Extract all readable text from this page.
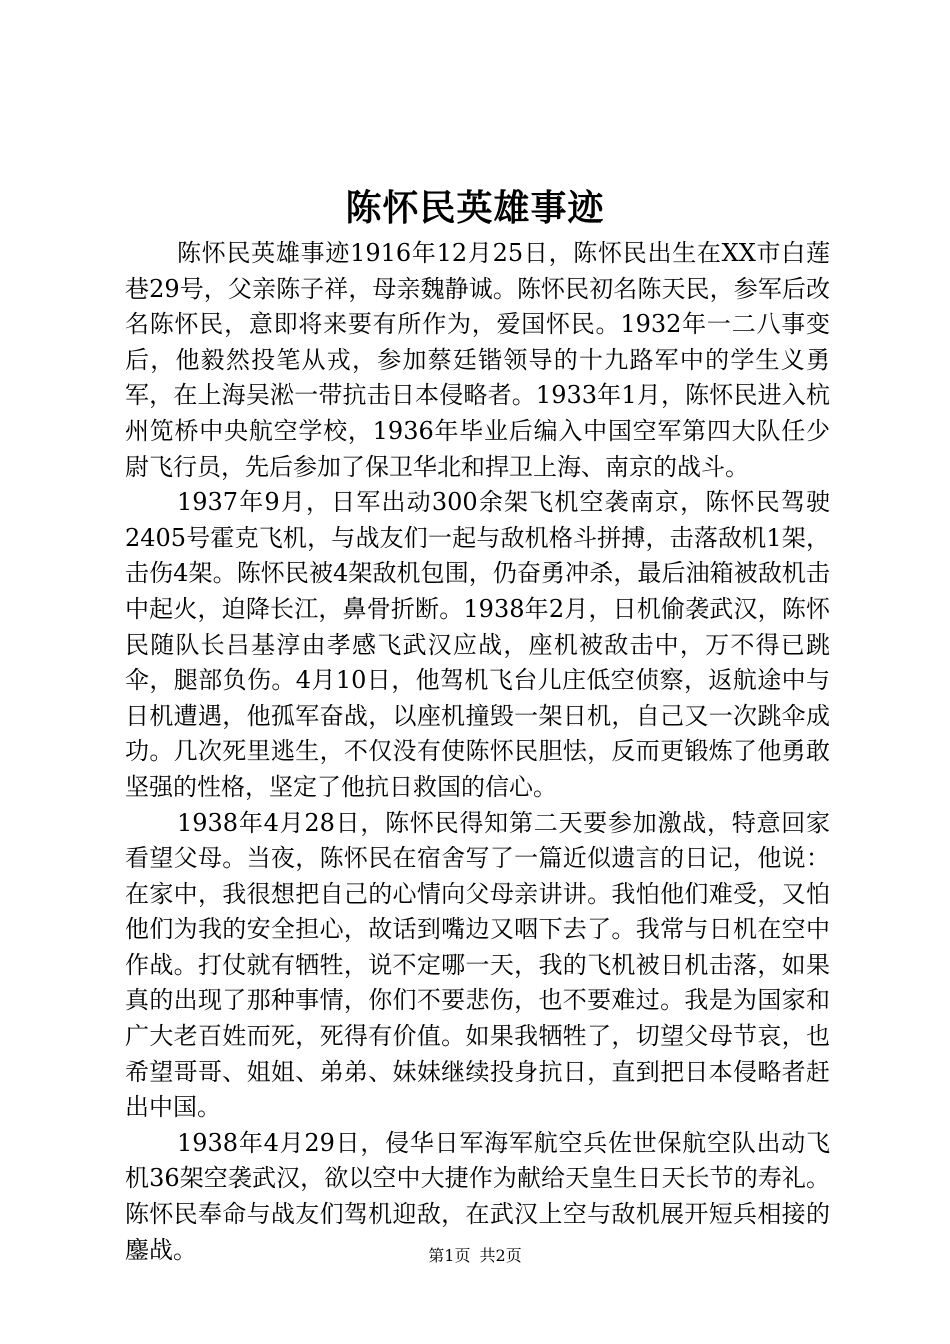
陈怀民英雄事迹

陈怀民英雄事迹1916年12月25日，陈怀民出生在XX市白莲巷29号，父亲陈子祥，母亲魏静诚。陈怀民初名陈天民，参军后改名陈怀民，意即将来要有所作为，爱国怀民。1932年一二八事变后，他毅然投笔从戎，参加蔡廷锴领导的十九路军中的学生义勇军，在上海吴淞一带抗击日本侵略者。1933年1月，陈怀民进入杭州笕桥中央航空学校，1936年毕业后编入中国空军第四大队任少尉飞行员，先后参加了保卫华北和捍卫上海、南京的战斗。

1937年9月，日军出动300余架飞机空袭南京，陈怀民驾驶2405号霍克飞机，与战友们一起与敌机格斗拼搏，击落敌机1架，击伤4架。陈怀民被4架敌机包围，仍奋勇冲杀，最后油箱被敌机击中起火，迫降长江，鼻骨折断。1938年2月，日机偷袭武汉，陈怀民随队长吕基淳由孝感飞武汉应战，座机被敌击中，万不得已跳伞，腿部负伤。4月10日，他驾机飞台儿庄低空侦察，返航途中与日机遭遇，他孤军奋战，以座机撞毁一架日机，自己又一次跳伞成功。几次死里逃生，不仅没有使陈怀民胆怯，反而更锻炼了他勇敢坚强的性格，坚定了他抗日救国的信心。

1938年4月28日，陈怀民得知第二天要参加激战，特意回家看望父母。当夜，陈怀民在宿舍写了一篇近似遗言的日记，他说：在家中，我很想把自己的心情向父母亲讲讲。我怕他们难受，又怕他们为我的安全担心，故话到嘴边又咽下去了。我常与日机在空中作战。打仗就有牺牲，说不定哪一天，我的飞机被日机击落，如果真的出现了那种事情，你们不要悲伤，也不要难过。我是为国家和广大老百姓而死，死得有价值。如果我牺牲了，切望父母节哀，也希望哥哥、姐姐、弟弟、妹妹继续投身抗日，直到把日本侵略者赶出中国。

1938年4月29日，侵华日军海军航空兵佐世保航空队出动飞机36架空袭武汉，欲以空中大捷作为献给天皇生日天长节的寿礼。陈怀民奉命与战友们驾机迎敌，在武汉上空与敌机展开短兵相接的鏖战。	第1页 共2页
